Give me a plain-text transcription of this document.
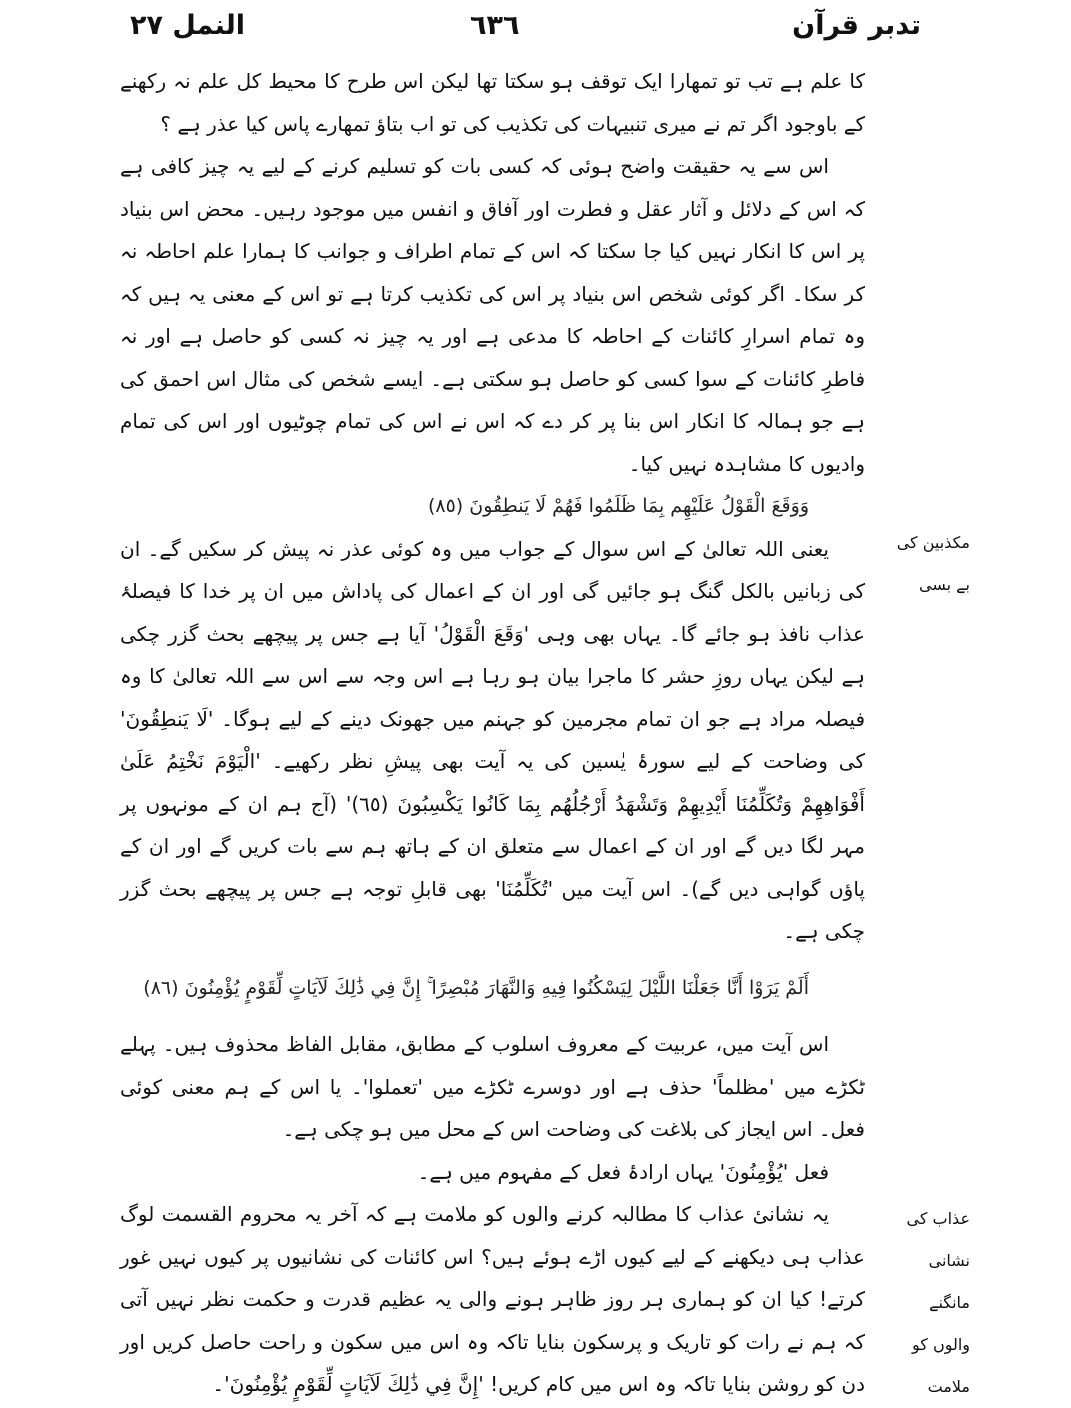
تدبر قرآن
٦٣٦
النمل ٢٧

کا علم ہے تب تو تمھارا ایک توقف ہو سکتا تھا لیکن اس طرح کا محیط کل علم نہ رکھنے کے باوجود اگر تم نے میری تنبیہات کی تکذیب کی تو اب بتاؤ تمھارے پاس کیا عذر ہے ؟

اس سے یہ حقیقت واضح ہوئی کہ کسی بات کو تسلیم کرنے کے لیے یہ چیز کافی ہے کہ اس کے دلائل و آثار عقل و فطرت اور آفاق و انفس میں موجود رہیں۔ محض اس بنیاد پر اس کا انکار نہیں کیا جا سکتا کہ اس کے تمام اطراف و جوانب کا ہمارا علم احاطہ نہ کر سکا۔ اگر کوئی شخص اس بنیاد پر اس کی تکذیب کرتا ہے تو اس کے معنی یہ ہیں کہ وہ تمام اسرارِ کائنات کے احاطہ کا مدعی ہے اور یہ چیز نہ کسی کو حاصل ہے اور نہ فاطرِ کائنات کے سوا کسی کو حاصل ہو سکتی ہے۔ ایسے شخص کی مثال اس احمق کی ہے جو ہمالہ کا انکار اس بنا پر کر دے کہ اس نے اس کی تمام چوٹیوں اور اس کی تمام وادیوں کا مشاہدہ نہیں کیا۔

وَوَقَعَ الْقَوْلُ عَلَيْهِم بِمَا ظَلَمُوا فَهُمْ لَا يَنطِقُونَ (٨٥)

یعنی اللہ تعالیٰ کے اس سوال کے جواب میں وہ کوئی عذر نہ پیش کر سکیں گے۔ ان کی زبانیں بالکل گنگ ہو جائیں گی اور ان کے اعمال کی پاداش میں ان پر خدا کا فیصلۂ عذاب نافذ ہو جائے گا۔ یہاں بھی وہی 'وَقَعَ الْقَوْلُ' آیا ہے جس پر پیچھے بحث گزر چکی ہے لیکن یہاں روزِ حشر کا ماجرا بیان ہو رہا ہے اس وجہ سے اس سے اللہ تعالیٰ کا وہ فیصلہ مراد ہے جو ان تمام مجرمین کو جہنم میں جھونک دینے کے لیے ہوگا۔ 'لَا يَنطِقُونَ' کی وضاحت کے لیے سورۂ یٰسین کی یہ آیت بھی پیشِ نظر رکھیے۔ 'الْيَوْمَ نَخْتِمُ عَلَىٰ أَفْوَاهِهِمْ وَتُكَلِّمُنَا أَيْدِيهِمْ وَتَشْهَدُ أَرْجُلُهُم بِمَا كَانُوا يَكْسِبُونَ (٦٥)' (آج ہم ان کے مونہوں پر مہر لگا دیں گے اور ان کے اعمال سے متعلق ان کے ہاتھ ہم سے بات کریں گے اور ان کے پاؤں گواہی دیں گے)۔ اس آیت میں 'تُكَلِّمُنَا' بھی قابلِ توجہ ہے جس پر پیچھے بحث گزر چکی ہے۔

أَلَمْ يَرَوْا أَنَّا جَعَلْنَا اللَّيْلَ لِيَسْكُنُوا فِيهِ وَالنَّهَارَ مُبْصِرًا ۚ إِنَّ فِي ذَٰلِكَ لَآيَاتٍ لِّقَوْمٍ يُؤْمِنُونَ (٨٦)

اس آیت میں، عربیت کے معروف اسلوب کے مطابق، مقابل الفاظ محذوف ہیں۔ پہلے ٹکڑے میں 'مظلماً' حذف ہے اور دوسرے ٹکڑے میں 'تعملوا'۔ یا اس کے ہم معنی کوئی فعل۔ اس ایجاز کی بلاغت کی وضاحت اس کے محل میں ہو چکی ہے۔

فعل 'يُؤْمِنُونَ' یہاں ارادۂ فعل کے مفہوم میں ہے۔

یہ نشانیٔ عذاب کا مطالبہ کرنے والوں کو ملامت ہے کہ آخر یہ محروم القسمت لوگ عذاب ہی دیکھنے کے لیے کیوں اڑے ہوئے ہیں؟ اس کائنات کی نشانیوں پر کیوں نہیں غور کرتے! کیا ان کو ہماری ہر روز ظاہر ہونے والی یہ عظیم قدرت و حکمت نظر نہیں آتی کہ ہم نے رات کو تاریک و پرسکون بنایا تاکہ وہ اس میں سکون و راحت حاصل کریں اور دن کو روشن بنایا تاکہ وہ اس میں کام کریں! 'إِنَّ فِي ذَٰلِكَ لَآيَاتٍ لِّقَوْمٍ يُؤْمِنُونَ'۔

مکذبین کی
بے بسی
عذاب کی
نشانی مانگنے
والوں کو
ملامت
